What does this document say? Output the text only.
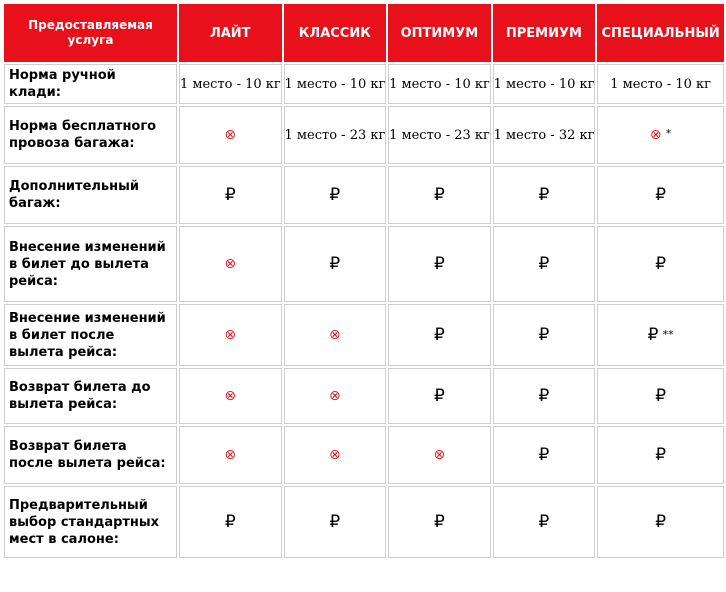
Предоставляемая услуга	ЛАЙТ	КЛАССИК	ОПТИМУМ	ПРЕМИУМ	СПЕЦИАЛЬНЫЙ
Норма ручной клади:	1 место - 10 кг	1 место - 10 кг	1 место - 10 кг	1 место - 10 кг	1 место - 10 кг
Норма бесплатного провоза багажа:	⊗	1 место - 23 кг	1 место - 23 кг	1 место - 32 кг	⊗ *
Дополнительный багаж:	₽	₽	₽	₽	₽
Внесение изменений в билет до вылета рейса:	⊗	₽	₽	₽	₽
Внесение изменений в билет после вылета рейса:	⊗	⊗	₽	₽	₽ **
Возврат билета до вылета рейса:	⊗	⊗	₽	₽	₽
Возврат билета после вылета рейса:	⊗	⊗	⊗	₽	₽
Предварительный выбор стандартных мест в салоне:	₽	₽	₽	₽	₽
